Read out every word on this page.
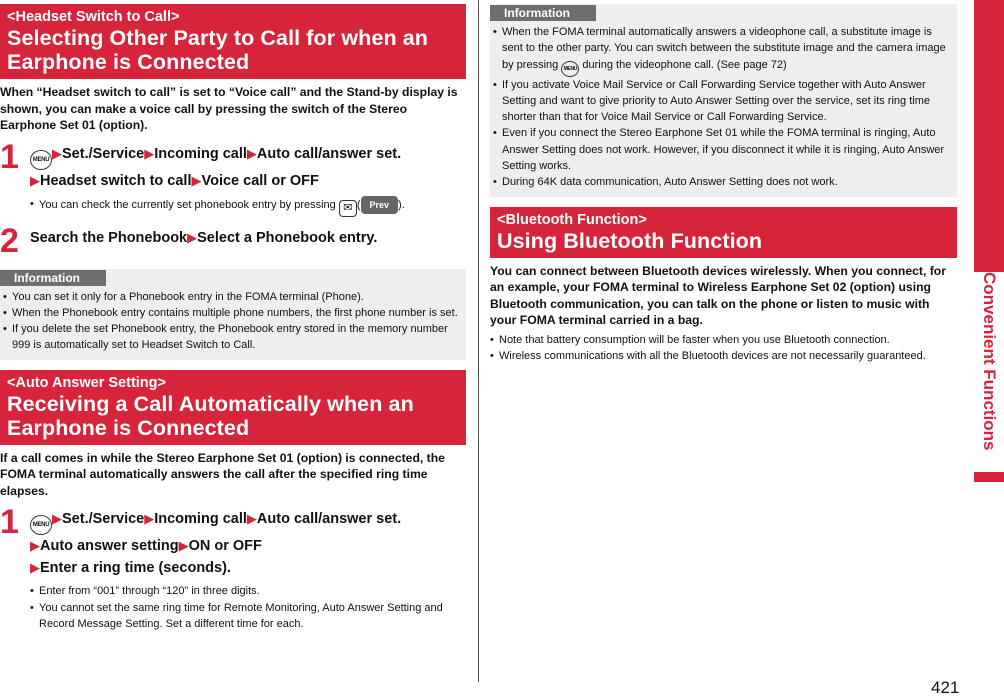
<Headset Switch to Call>
Selecting Other Party to Call for when an
Earphone is Connected

When “Headset switch to call” is set to “Voice call” and the Stand-by display is shown, you can make a voice call by pressing the switch of the Stereo Earphone Set 01 (option).

1	MENU ▶Set./Service▶Incoming call▶Auto call/answer set.
▶Headset switch to call▶Voice call or OFF
• You can check the currently set phonebook entry by pressing ✉ ( Prev ).
2 Search the Phonebook▶Select a Phonebook entry.
Information
• You can set it only for a Phonebook entry in the FOMA terminal (Phone).
• When the Phonebook entry contains multiple phone numbers, the first phone number is set.
• If you delete the set Phonebook entry, the Phonebook entry stored in the memory number 999 is automatically set to Headset Switch to Call.
<Auto Answer Setting>
Receiving a Call Automatically when an
Earphone is Connected

If a call comes in while the Stereo Earphone Set 01 (option) is connected, the FOMA terminal automatically answers the call after the specified ring time elapses.

1	MENU ▶Set./Service▶Incoming call▶Auto call/answer set.
▶Auto answer setting▶ON or OFF
▶Enter a ring time (seconds).
• Enter from “001” through “120” in three digits.
• You cannot set the same ring time for Remote Monitoring, Auto Answer Setting and Record Message Setting. Set a different time for each.
Information
• When the FOMA terminal automatically answers a videophone call, a substitute image is sent to the other party. You can switch between the substitute image and the camera image by pressing MENU during the videophone call. (See page 72)
• If you activate Voice Mail Service or Call Forwarding Service together with Auto Answer Setting and want to give priority to Auto Answer Setting over the service, set its ring time shorter than that for Voice Mail Service or Call Forwarding Service.
• Even if you connect the Stereo Earphone Set 01 while the FOMA terminal is ringing, Auto Answer Setting does not work. However, if you disconnect it while it is ringing, Auto Answer Setting works.
• During 64K data communication, Auto Answer Setting does not work.
<Bluetooth Function>
Using Bluetooth Function

You can connect between Bluetooth devices wirelessly. When you connect, for an example, your FOMA terminal to Wireless Earphone Set 02 (option) using Bluetooth communication, you can talk on the phone or listen to music with your FOMA terminal carried in a bag.

• Note that battery consumption will be faster when you use Bluetooth connection.
• Wireless communications with all the Bluetooth devices are not necessarily guaranteed.	Convenient Functions
421
